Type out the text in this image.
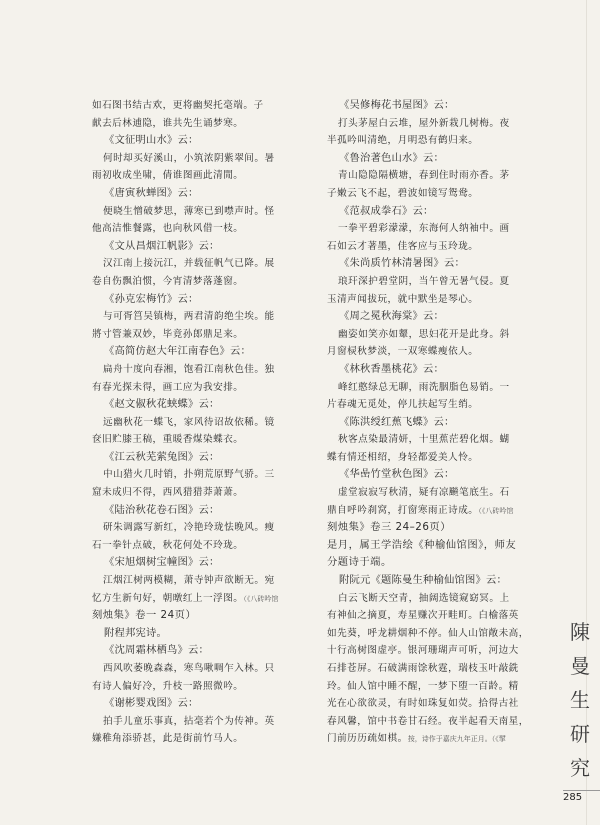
如石图书结古欢，更将幽契托毫端。子
献去后林逋隐，谁共先生诵梦寒。
《文征明山水》云：
何时却买好溪山，小筑浓阴紫翠间。暑
雨初收成坐啸，倩谁图画此清閒。
《唐寅秋蝉图》云：
便晓生憎破梦思，薄寒已到噤声时。怪
他高洁惟餐露，也向秋风借一枝。
《文从昌烟江帆影》云：
汉江南上接沅江，并载征帆气已降。展
卷自伤飘泊惯，今宵清梦落蓬窗。
《孙克宏梅竹》云：
与可胥筥吴镇梅，两君清韵绝尘埃。能
將寸管兼双妙，毕竟孙郎鼎足来。
《高简仿赵大年江南春色》云：
扁舟十度向春湘，饱看江南秋色佳。独
有春光探未得，画工应为我安排。
《赵文俶秋花蛱蝶》云：
远幽秋花一蝶飞，家风待诏故依稀。镜
奁旧贮膝王稿，重暖香煤染蝶衣。
《江云秋芜萦兔图》云：
中山猎火几时销，扑朔荒原野气骄。三
窟未成归不得，西风猎猎莽萧萧。
《陆治秋花卷石图》云：
研朱调露写新红，冷艳玲珑怯晚风。瘦
石一拳针点破，秋花何处不玲珑。
《宋旭烟树宝幢图》云：
江烟江树两模糊，萧寺钟声欲断无。宛
忆方生新句好，朝暾红上一浮图。（《八砖吟馆
刻烛集》卷一 24页）
附程邦宪诗。
《沈周霜林栖鸟》云：
西风吹萎晚森森，寒鸟啾啁乍入林。只
有诗人偏好冷，升枝一路照微吟。
《谢彬婴戏图》云：
拍手儿童乐事真，拈毫若个为传神。英
嫌稚角添骄甚，此是街前竹马人。
《吴修梅花书屋图》云：
打头茅屋白云堆，屋外新栽几树梅。夜
半孤吟叫清绝，月明恐有鹤归来。
《鲁治著色山水》云：
青山隐隐隔横塘，春到住时雨亦香。茅
子嫩云飞不起，碧波如镜写鸳鸯。
《范叔成拳石》云：
一拳平碧彩濛濛，东海何人纳袖中。画
石如云才著墨，佳客应与玉玲珑。
《朱尚质竹林清暑图》云：
琅玕深护碧堂阴，当午曾无暑气侵。夏
玉清声闻拔玩，就中默坐是琴心。
《周之冕秋海棠》云：
幽姿如笑亦如颦，思妇花开是此身。斜
月窗棂秋梦淡，一双寒蝶瘦依人。
《林秋香墨桃花》云：
峰红憨绿总无聊，雨洗胭脂色易销。一
片春魂无觅处，停儿扶起写生绡。
《陈洪绶红蕉飞蝶》云：
秋客点染最清妍，十里蕉茫碧化烟。蝴
蝶有情还相绍，身轻都爱美人怜。
《华嵒竹堂秋色图》云：
虚堂寂寂写秋清，疑有凉飈笔底生。石
鼎自呼吟刹窝，打窗寒雨正诗成。（《八砖吟馆
刻烛集》卷三 24–26页）
是月，属王学浩绘《种榆仙馆图》，师友
分题诗于端。
附阮元《题陈曼生种榆仙馆图》云：
白云飞断天空青，抽阔选镜窥窈冥。上
有神仙之摘夏，寿星赚次开畦町。白榆落英
如先葵，呼龙耕烟种不停。仙人山馆敞未高，
十行高树图虚亭。银河珊瑚声可听，河边大
石排苍屏。石破满雨馀秋霆，瑞枝玉叶敲銑
玲。仙人馆中睡不醒，一梦下堕一百龄。精
光在心欲欲灵，有时如珠复如荧。拾得古社
春风馨，馆中书卷甘石经。夜半起看天南星，
门前历历疏如棋。按，诗作于嘉庆九年正月。（《揅
陳
曼
生
研
究
285
